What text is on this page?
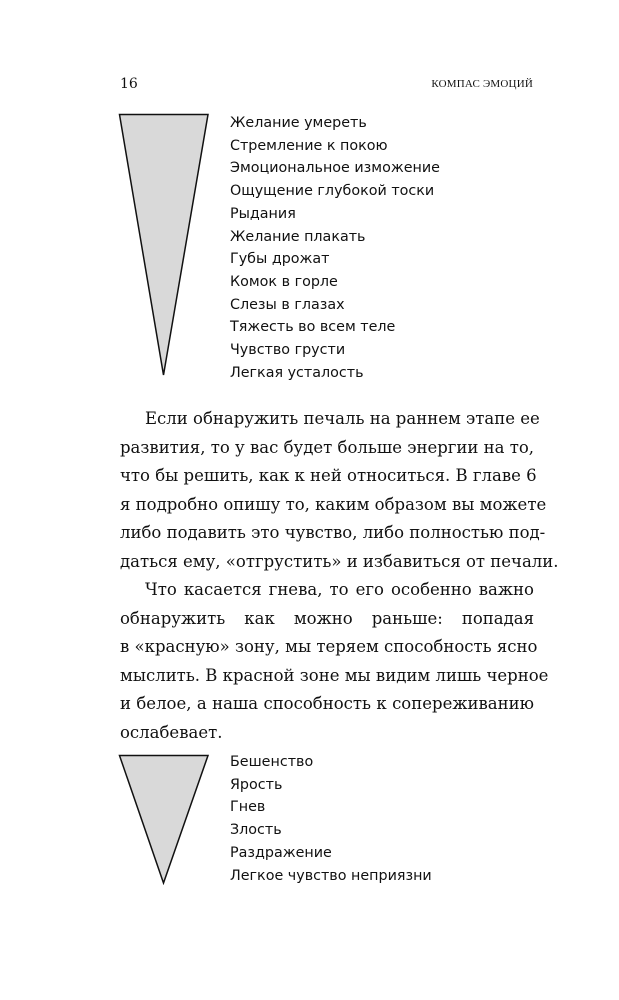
16	КОМПАС ЭМОЦИЙ
Желание умереть
Стремление к покою
Эмоциональное изможение
Ощущение глубокой тоски
Рыдания
Желание плакать
Губы дрожат
Комок в горле
Слезы в глазах
Тяжесть во всем теле
Чувство грусти
Легкая усталость

Если обнаружить печаль на раннем этапе ее
развития, то у вас будет больше энергии на то,
что бы решить, как к ней относиться. В главе 6
я подробно опишу то, каким образом вы можете
либо подавить это чувство, либо полностью под-
даться ему, «отгрустить» и избавиться от печали.

Что касается гнева, то его особенно важно
обнаружить как можно раньше: попадая
в «красную» зону, мы теряем способность ясно
мыслить. В красной зоне мы видим лишь черное
и белое, а наша способность к сопереживанию
ослабевает.

Бешенство
Ярость
Гнев
Злость
Раздражение
Легкое чувство неприязни
